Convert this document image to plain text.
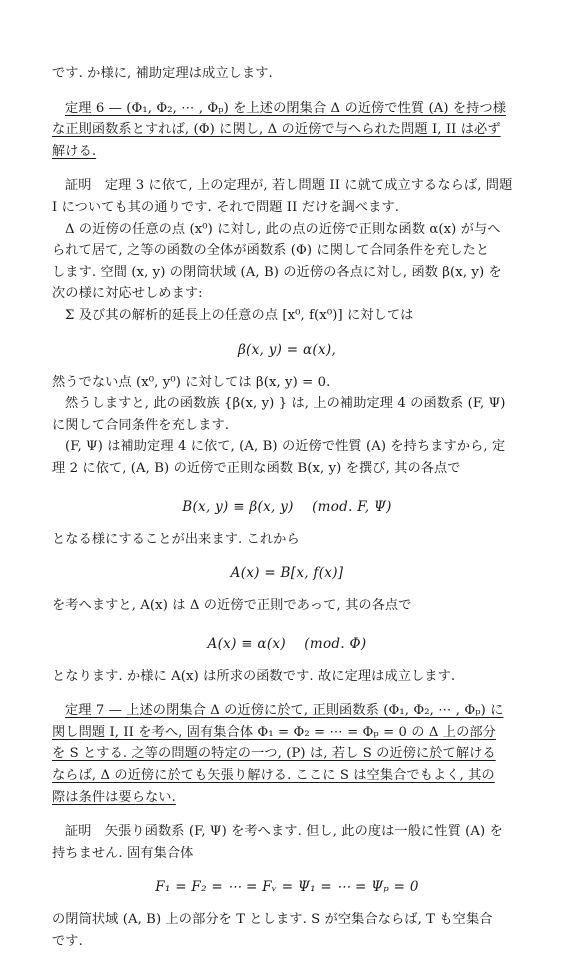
です. か様に, 補助定理は成立します.

定理 6 — (Φ₁, Φ₂, ⋯ , Φₚ) を上述の閉集合 Δ の近傍で性質 (A) を持つ様

な正則函数系とすれば, (Φ) に関し, Δ の近傍で与へられた問題 I, II は必ず

解ける.

証明　定理 3 に依て, 上の定理が, 若し問題 II に就て成立するならば, 問題

I についても其の通りです. それで問題 II だけを調べます.

Δ の近傍の任意の点 (x⁰) に対し, 此の点の近傍で正則な函数 α(x) が与へ

られて居て, 之等の函数の全体が函数系 (Φ) に関して合同条件を充したと

します. 空間 (x, y) の閉筒状域 (A, B) の近傍の各点に対し, 函数 β(x, y) を

次の様に対応せしめます:

Σ 及び其の解析的延長上の任意の点 [x⁰, f(x⁰)] に対しては

β(x, y) = α(x),

然うでない点 (x⁰, y⁰) に対しては β(x, y) = 0.

然うしますと, 此の函数族 {β(x, y) } は, 上の補助定理 4 の函数系 (F, Ψ)

に関して合同条件を充します.

(F, Ψ) は補助定理 4 に依て, (A, B) の近傍で性質 (A) を持ちますから, 定

理 2 に依て, (A, B) の近傍で正則な函数 B(x, y) を撰び, 其の各点で

B(x, y) ≡ β(x, y)　 (mod. F, Ψ)

となる様にすることが出来ます. これから

A(x) = B[x, f(x)]

を考へますと, A(x) は Δ の近傍で正則であって, 其の各点で

A(x) ≡ α(x)　 (mod. Φ)

となります. か様に A(x) は所求の函数です. 故に定理は成立します.

定理 7 — 上述の閉集合 Δ の近傍に於て, 正則函数系 (Φ₁, Φ₂, ⋯ , Φₚ) に

関し問題 I, II を考へ, 固有集合体 Φ₁ = Φ₂ = ⋯ = Φₚ = 0 の Δ 上の部分

を S とする. 之等の問題の特定の一つ, (P) は, 若し S の近傍に於て解ける

ならば, Δ の近傍に於ても矢張り解ける. ここに S は空集合でもよく, 其の

際は条件は要らない.

証明　矢張り函数系 (F, Ψ) を考へます. 但し, 此の度は一般に性質 (A) を

持ちません. 固有集合体

F₁ = F₂ = ⋯ = Fᵥ = Ψ₁ = ⋯ = Ψₚ = 0

の閉筒状域 (A, B) 上の部分を T とします. S が空集合ならば, T も空集合

です.
